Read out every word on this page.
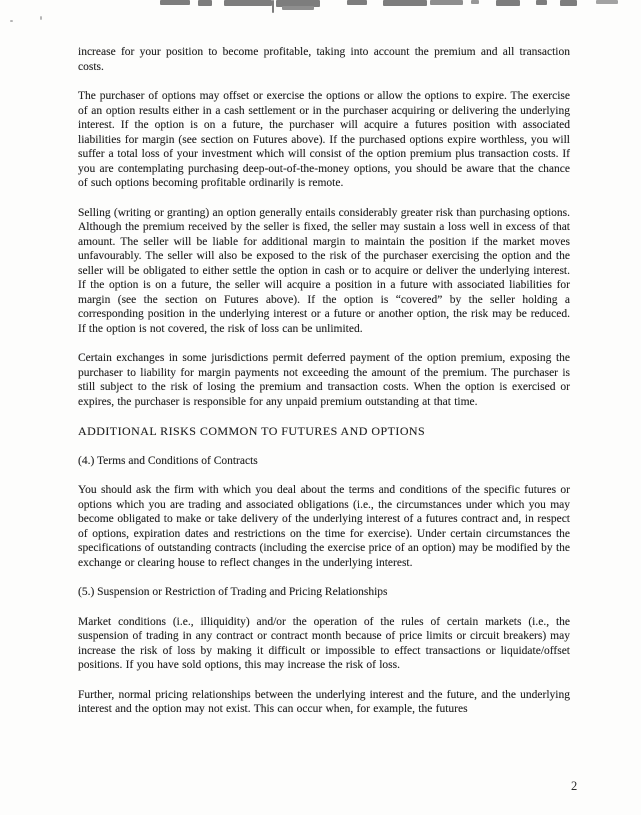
increase for your position to become profitable, taking into account the premium and all transaction costs.

The purchaser of options may offset or exercise the options or allow the options to expire. The exercise of an option results either in a cash settlement or in the purchaser acquiring or delivering the underlying interest. If the option is on a future, the purchaser will acquire a futures position with associated liabilities for margin (see section on Futures above). If the purchased options expire worthless, you will suffer a total loss of your investment which will consist of the option premium plus transaction costs. If you are contemplating purchasing deep-out-of-the-money options, you should be aware that the chance of such options becoming profitable ordinarily is remote.

Selling (writing or granting) an option generally entails considerably greater risk than purchasing options. Although the premium received by the seller is fixed, the seller may sustain a loss well in excess of that amount. The seller will be liable for additional margin to maintain the position if the market moves unfavourably. The seller will also be exposed to the risk of the purchaser exercising the option and the seller will be obligated to either settle the option in cash or to acquire or deliver the underlying interest. If the option is on a future, the seller will acquire a position in a future with associated liabilities for margin (see the section on Futures above). If the option is “covered” by the seller holding a corresponding position in the underlying interest or a future or another option, the risk may be reduced. If the option is not covered, the risk of loss can be unlimited.

Certain exchanges in some jurisdictions permit deferred payment of the option premium, exposing the purchaser to liability for margin payments not exceeding the amount of the premium. The purchaser is still subject to the risk of losing the premium and transaction costs. When the option is exercised or expires, the purchaser is responsible for any unpaid premium outstanding at that time.

ADDITIONAL RISKS COMMON TO FUTURES AND OPTIONS
(4.) Terms and Conditions of Contracts

You should ask the firm with which you deal about the terms and conditions of the specific futures or options which you are trading and associated obligations (i.e., the circumstances under which you may become obligated to make or take delivery of the underlying interest of a futures contract and, in respect of options, expiration dates and restrictions on the time for exercise). Under certain circumstances the specifications of outstanding contracts (including the exercise price of an option) may be modified by the exchange or clearing house to reflect changes in the underlying interest.

(5.) Suspension or Restriction of Trading and Pricing Relationships

Market conditions (i.e., illiquidity) and/or the operation of the rules of certain markets (i.e., the suspension of trading in any contract or contract month because of price limits or circuit breakers) may increase the risk of loss by making it difficult or impossible to effect transactions or liquidate/offset positions. If you have sold options, this may increase the risk of loss.

Further, normal pricing relationships between the underlying interest and the future, and the underlying interest and the option may not exist. This can occur when, for example, the futures

2
